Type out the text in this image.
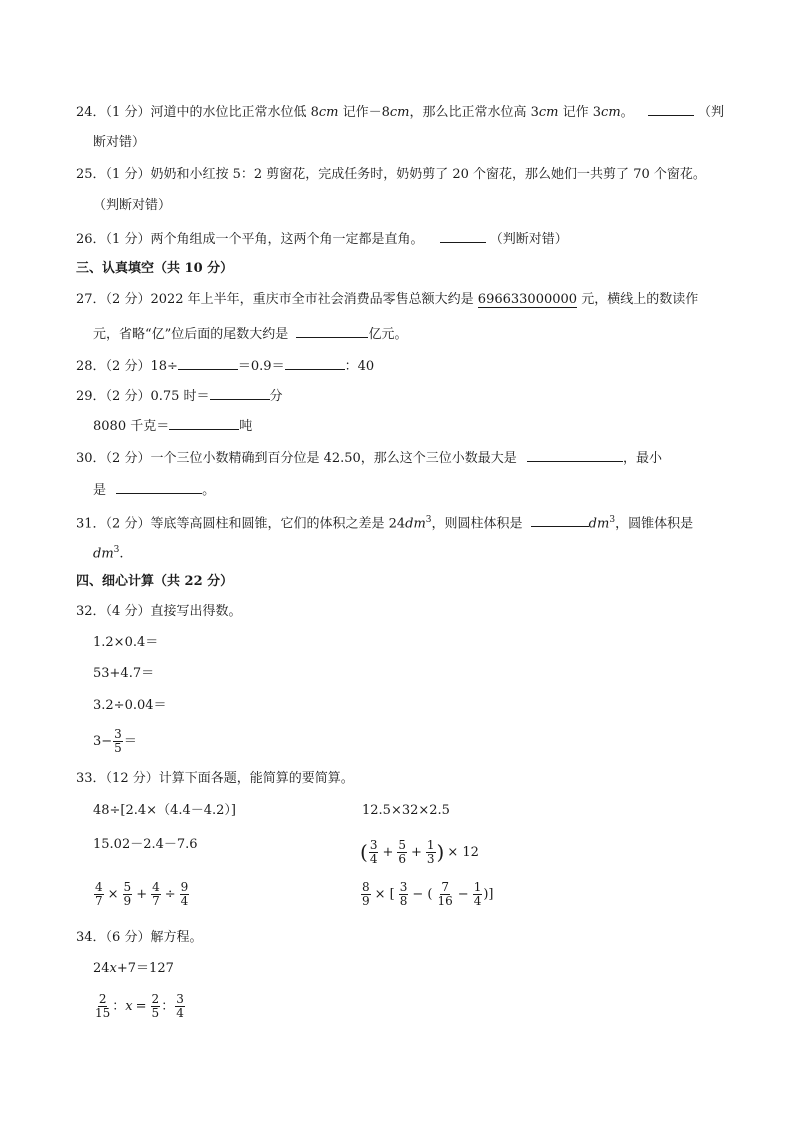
24．（1 分）河道中的水位比正常水位低 8cm 记作－8cm，那么比正常水位高 3cm 记作 3cm。	（判
断对错）
25．（1 分）奶奶和小红按 5：2 剪窗花，完成任务时，奶奶剪了 20 个窗花，那么她们一共剪了 70 个窗花。
（判断对错）
26．（1 分）两个角组成一个平角，这两个角一定都是直角。	（判断对错）
三、认真填空（共 10 分）
27．（2 分）2022 年上半年，重庆市全市社会消费品零售总额大约是 696633000000 元，横线上的数读作
元，省略“亿”位后面的尾数大约是	亿元。
28．（2 分）18÷	＝0.9＝	：40
29．（2 分）0.75 时＝	分
8080 千克＝	吨
30．（2 分）一个三位小数精确到百分位是 42.50，那么这个三位小数最大是	，最小
是	。
31．（2 分）等底等高圆柱和圆锥，它们的体积之差是 $24dm^3$，则圆柱体积是	$dm^3$，圆锥体积是
$dm^3$.
四、细心计算（共 22 分）
32．（4 分）直接写出得数。
1.2×0.4＝
53+4.7＝
3.2÷0.04＝
$3- \frac{3}{5}$ ＝
33．（12 分）计算下面各题，能简算的要简算。
48÷[2.4×（4.4－4.2）]	12.5×32×2.5
15.02－2.4－7.6	( $\frac{3}{4} + \frac{5}{6} + \frac{1}{3}$ ) × 12
$\frac{4}{7} \times \frac{5}{9} + \frac{4}{7} \div \frac{9}{4}$	$\frac{8}{9}$ × [ $\frac{3}{8}$ − ( $\frac{7}{16} - \frac{1}{4}$ )]
34．（6 分）解方程。
24x+7＝127
$\frac{2}{15}$ ：$x = \frac{2}{5}$ ： $\frac{3}{4}$
